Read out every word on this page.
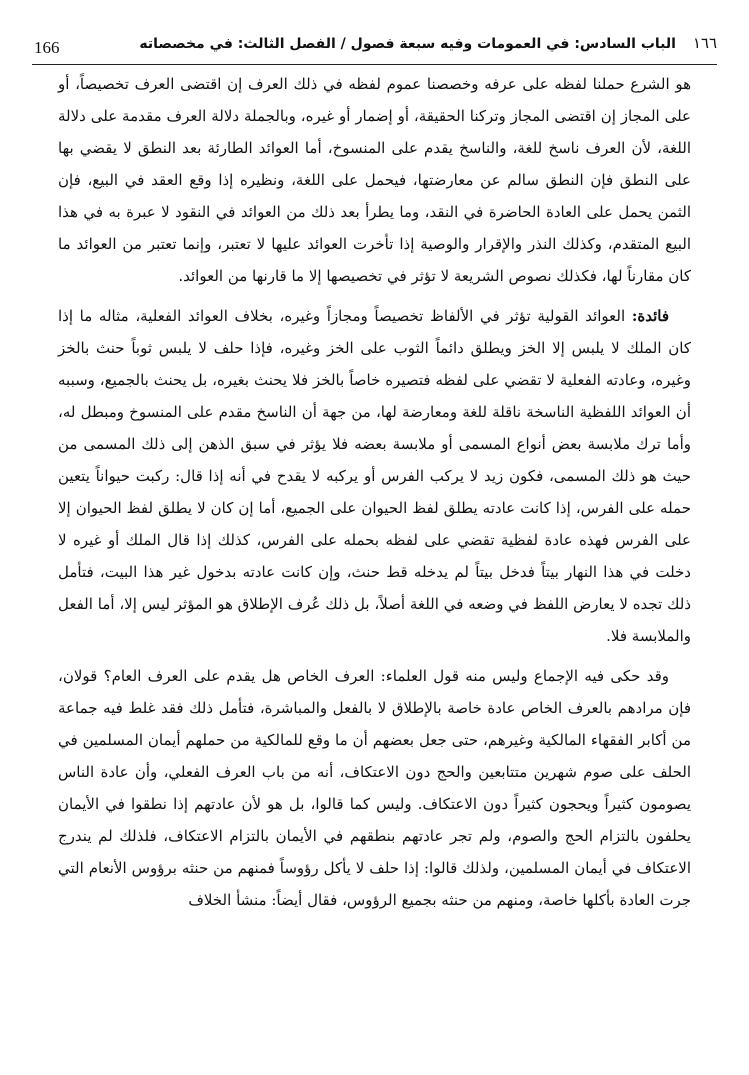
166	١٦٦ الباب السادس: في العمومات وفيه سبعة فصول / الفصل الثالث: في مخصصاته

هو الشرع حملنا لفظه على عرفه وخصصنا عموم لفظه في ذلك العرف إن اقتضى العرف تخصيصاً، أو على المجاز إن اقتضى المجاز وتركنا الحقيقة، أو إضمار أو غيره، وبالجملة دلالة العرف مقدمة على دلالة اللغة، لأن العرف ناسخ للغة، والناسخ يقدم على المنسوخ، أما العوائد الطارئة بعد النطق لا يقضي بها على النطق فإن النطق سالم عن معارضتها، فيحمل على اللغة، ونظيره إذا وقع العقد في البيع، فإن الثمن يحمل على العادة الحاضرة في النقد، وما يطرأ بعد ذلك من العوائد في النقود لا عبرة به في هذا البيع المتقدم، وكذلك النذر والإقرار والوصية إذا تأخرت العوائد عليها لا تعتبر، وإنما تعتبر من العوائد ما كان مقارناً لها، فكذلك نصوص الشريعة لا تؤثر في تخصيصها إلا ما قارنها من العوائد.

فائدة: العوائد القولية تؤثر في الألفاظ تخصيصاً ومجازاً وغيره، بخلاف العوائد الفعلية، مثاله ما إذا كان الملك لا يلبس إلا الخز ويطلق دائماً الثوب على الخز وغيره، فإذا حلف لا يلبس ثوباً حنث بالخز وغيره، وعادته الفعلية لا تقضي على لفظه فتصيره خاصاً بالخز فلا يحنث بغيره، بل يحنث بالجميع، وسببه أن العوائد اللفظية الناسخة ناقلة للغة ومعارضة لها، من جهة أن الناسخ مقدم على المنسوخ ومبطل له، وأما ترك ملابسة بعض أنواع المسمى أو ملابسة بعضه فلا يؤثر في سبق الذهن إلى ذلك المسمى من حيث هو ذلك المسمى، فكون زيد لا يركب الفرس أو يركبه لا يقدح في أنه إذا قال: ركبت حيواناً يتعين حمله على الفرس، إذا كانت عادته يطلق لفظ الحيوان على الجميع، أما إن كان لا يطلق لفظ الحيوان إلا على الفرس فهذه عادة لفظية تقضي على لفظه بحمله على الفرس، كذلك إذا قال الملك أو غيره لا دخلت في هذا النهار بيتاً فدخل بيتاً لم يدخله قط حنث، وإن كانت عادته بدخول غير هذا البيت، فتأمل ذلك تجده لا يعارض اللفظ في وضعه في اللغة أصلاً، بل ذلك عُرف الإطلاق هو المؤثر ليس إلا، أما الفعل والملابسة فلا.

وقد حكى فيه الإجماع وليس منه قول العلماء: العرف الخاص هل يقدم على العرف العام؟ قولان، فإن مرادهم بالعرف الخاص عادة خاصة بالإطلاق لا بالفعل والمباشرة، فتأمل ذلك فقد غلط فيه جماعة من أكابر الفقهاء المالكية وغيرهم، حتى جعل بعضهم أن ما وقع للمالكية من حملهم أيمان المسلمين في الحلف على صوم شهرين متتابعين والحج دون الاعتكاف، أنه من باب العرف الفعلي، وأن عادة الناس يصومون كثيراً ويحجون كثيراً دون الاعتكاف. وليس كما قالوا، بل هو لأن عادتهم إذا نطقوا في الأيمان يحلفون بالتزام الحج والصوم، ولم تجر عادتهم بنطقهم في الأيمان بالتزام الاعتكاف، فلذلك لم يندرج الاعتكاف في أيمان المسلمين، ولذلك قالوا: إذا حلف لا يأكل رؤوساً فمنهم من حنثه برؤوس الأنعام التي جرت العادة بأكلها خاصة، ومنهم من حنثه بجميع الرؤوس، فقال أيضاً: منشأ الخلاف
